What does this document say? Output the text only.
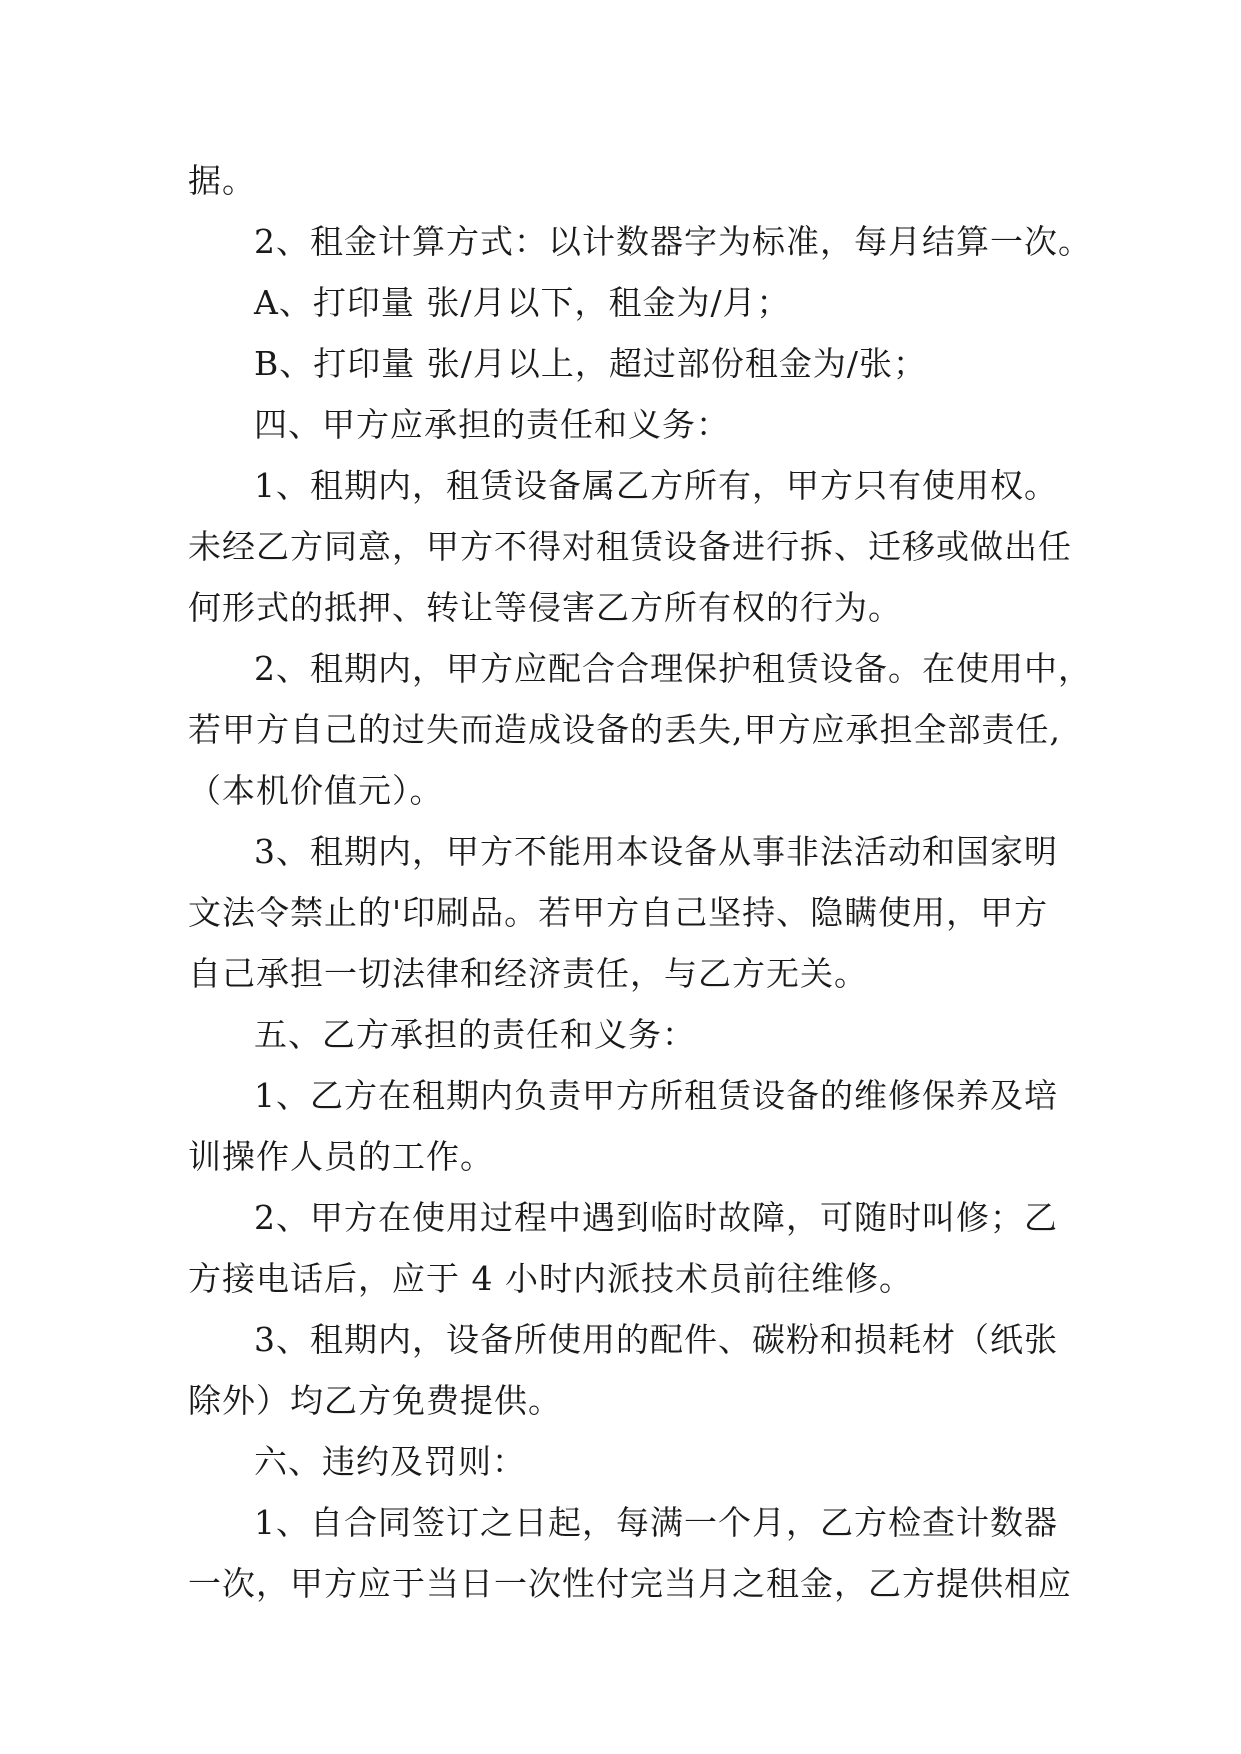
据。
2、租金计算方式：以计数器字为标准，每月结算一次。
A、打印量 张/月以下，租金为/月；
B、打印量 张/月以上，超过部份租金为/张；
四、甲方应承担的责任和义务：
1、租期内，租赁设备属乙方所有，甲方只有使用权。
未经乙方同意，甲方不得对租赁设备进行拆、迁移或做出任
何形式的抵押、转让等侵害乙方所有权的行为。
2、租期内，甲方应配合合理保护租赁设备。在使用中，
若甲方自己的过失而造成设备的丢失,甲方应承担全部责任,
（本机价值元）。
3、租期内，甲方不能用本设备从事非法活动和国家明
文法令禁止的'印刷品。若甲方自己坚持、隐瞒使用，甲方
自己承担一切法律和经济责任，与乙方无关。
五、乙方承担的责任和义务：
1、乙方在租期内负责甲方所租赁设备的维修保养及培
训操作人员的工作。
2、甲方在使用过程中遇到临时故障，可随时叫修；乙
方接电话后，应于 4 小时内派技术员前往维修。
3、租期内，设备所使用的配件、碳粉和损耗材（纸张
除外）均乙方免费提供。
六、违约及罚则：
1、自合同签订之日起，每满一个月，乙方检查计数器
一次，甲方应于当日一次性付完当月之租金，乙方提供相应
